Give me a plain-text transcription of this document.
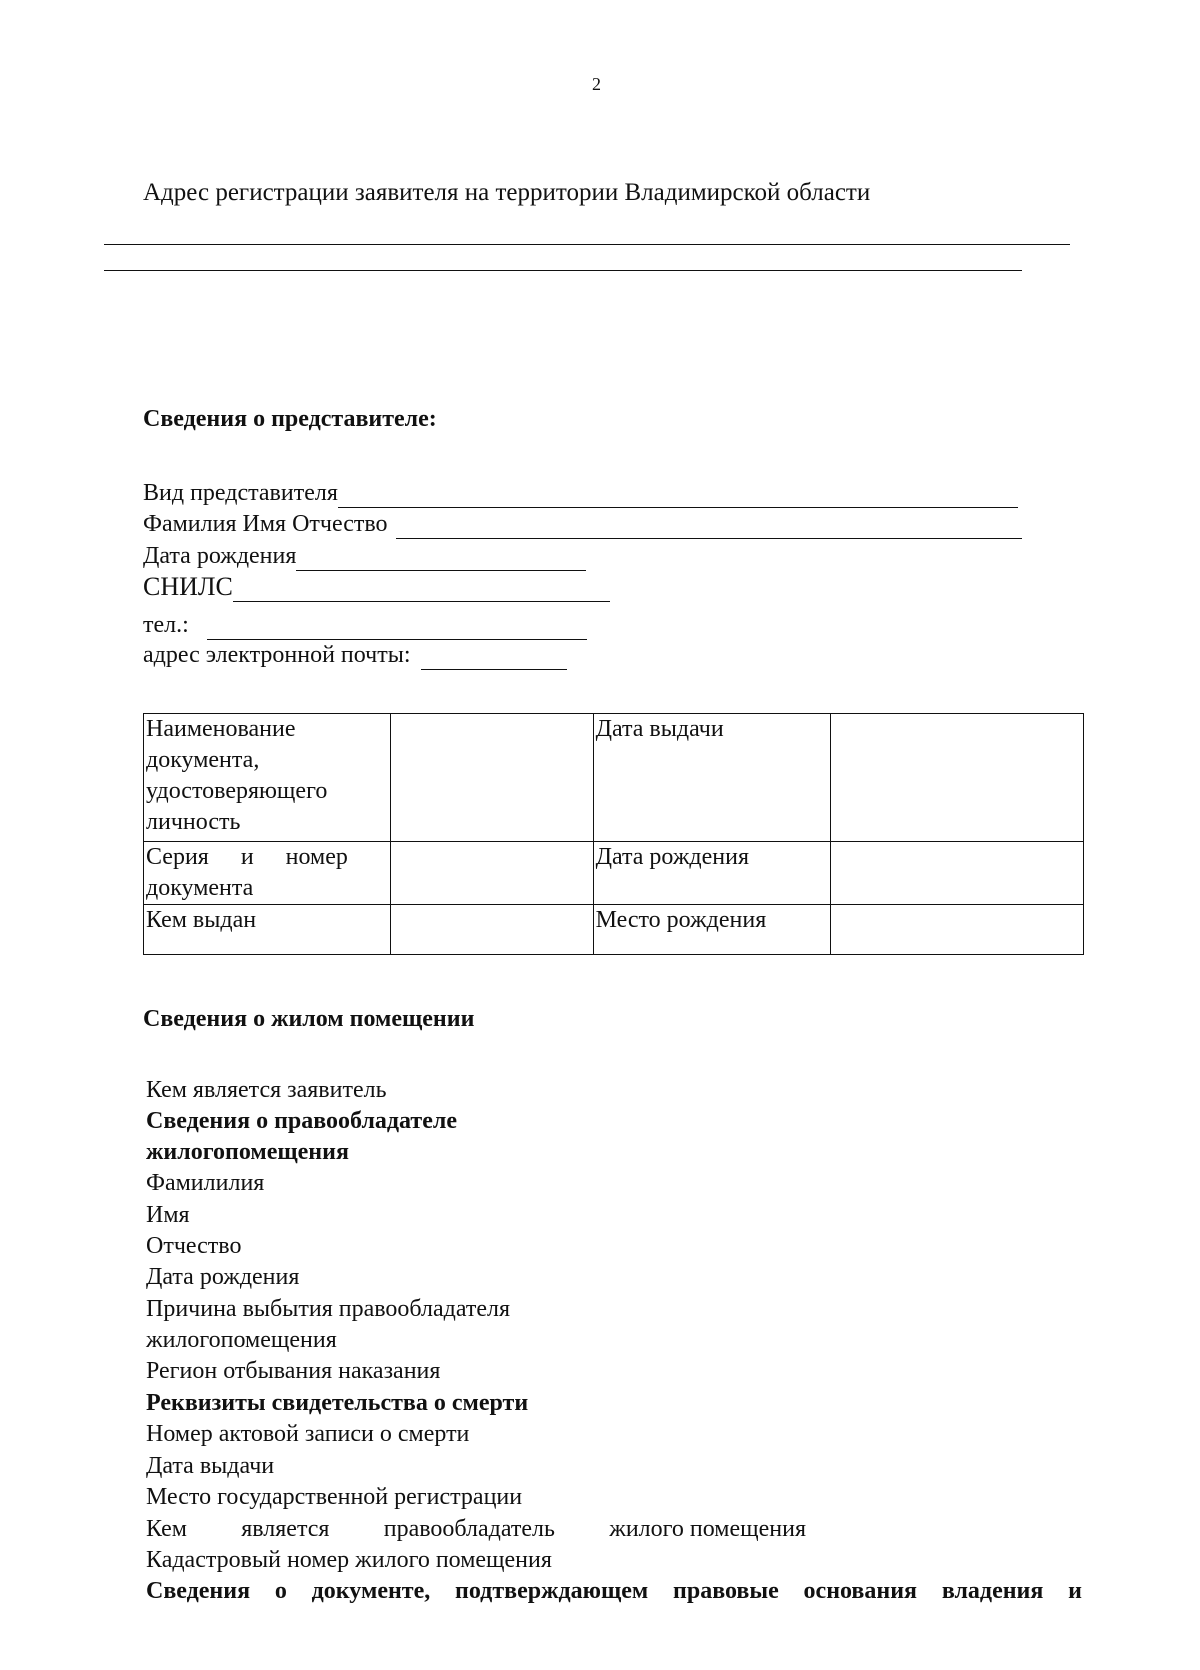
2
Адрес регистрации заявителя на территории Владимирской области
Сведения о представителе:
Вид представителя
Фамилия Имя Отчество
Дата рождения
СНИЛС
тел.:
адрес электронной почты:
Наименование документа, удостоверяющего личность		Дата выдачи	

Серия и номер
документа		Дата рождения	
Кем выдан		Место рождения	
Сведения о жилом помещении
Кем является заявитель
Сведения о правообладателе
жилогопомещения
Фамилилия
Имя
Отчество
Дата рождения
Причина выбытия правообладателя
жилогопомещения
Регион отбывания наказания
Реквизиты свидетельства о смерти
Номер актовой записи о смерти
Дата выдачи
Место государственной регистрации
Кем является правообладатель жилого помещения
Кадастровый номер жилого помещения
Сведения о документе, подтверждающем правовые основания владения и
